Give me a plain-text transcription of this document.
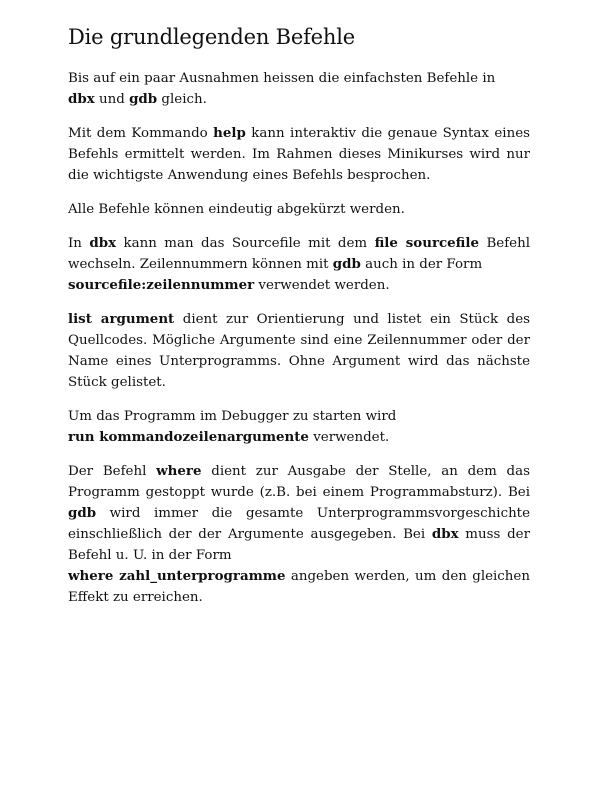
Die grundlegenden Befehle

Bis auf ein paar Ausnahmen heissen die einfachsten Befehle in
dbx und gdb gleich.

Mit dem Kommando help kann interaktiv die genaue Syntax eines Befehls ermittelt werden. Im Rahmen dieses Minikurses wird nur die wichtigste Anwendung eines Befehls besprochen.

Alle Befehle können eindeutig abgekürzt werden.

In dbx kann man das Sourcefile mit dem file sourcefile Befehl wechseln. Zeilennummern können mit gdb auch in der Form
sourcefile:zeilennummer verwendet werden.

list argument dient zur Orientierung und listet ein Stück des Quellcodes. Mögliche Argumente sind eine Zeilennummer oder der Name eines Unterprogramms. Ohne Argument wird das nächste Stück gelistet.

Um das Programm im Debugger zu starten wird
run kommandozeilenargumente verwendet.

Der Befehl where dient zur Ausgabe der Stelle, an dem das Programm gestoppt wurde (z.B. bei einem Programmabsturz). Bei gdb wird immer die gesamte Unterprogrammsvorgeschichte einschließlich der der Argumente ausgegeben. Bei dbx muss der Befehl u. U. in der Form
where zahl_unterprogramme angeben werden, um den gleichen Effekt zu erreichen.
